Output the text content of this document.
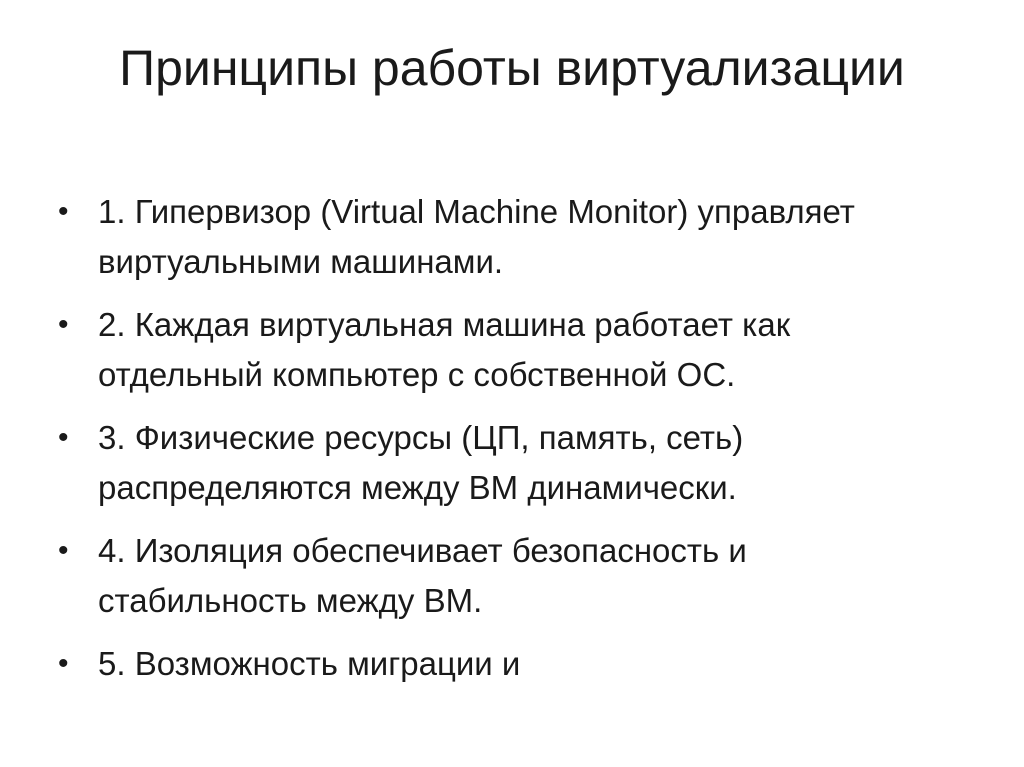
Принципы работы виртуализации
• 1. Гипервизор (Virtual Machine Monitor) управляет виртуальными машинами.
• 2. Каждая виртуальная машина работает как отдельный компьютер с собственной ОС.
• 3. Физические ресурсы (ЦП, память, сеть) распределяются между ВМ динамически.
• 4. Изоляция обеспечивает безопасность и стабильность между ВМ.
• 5. Возможность миграции и
